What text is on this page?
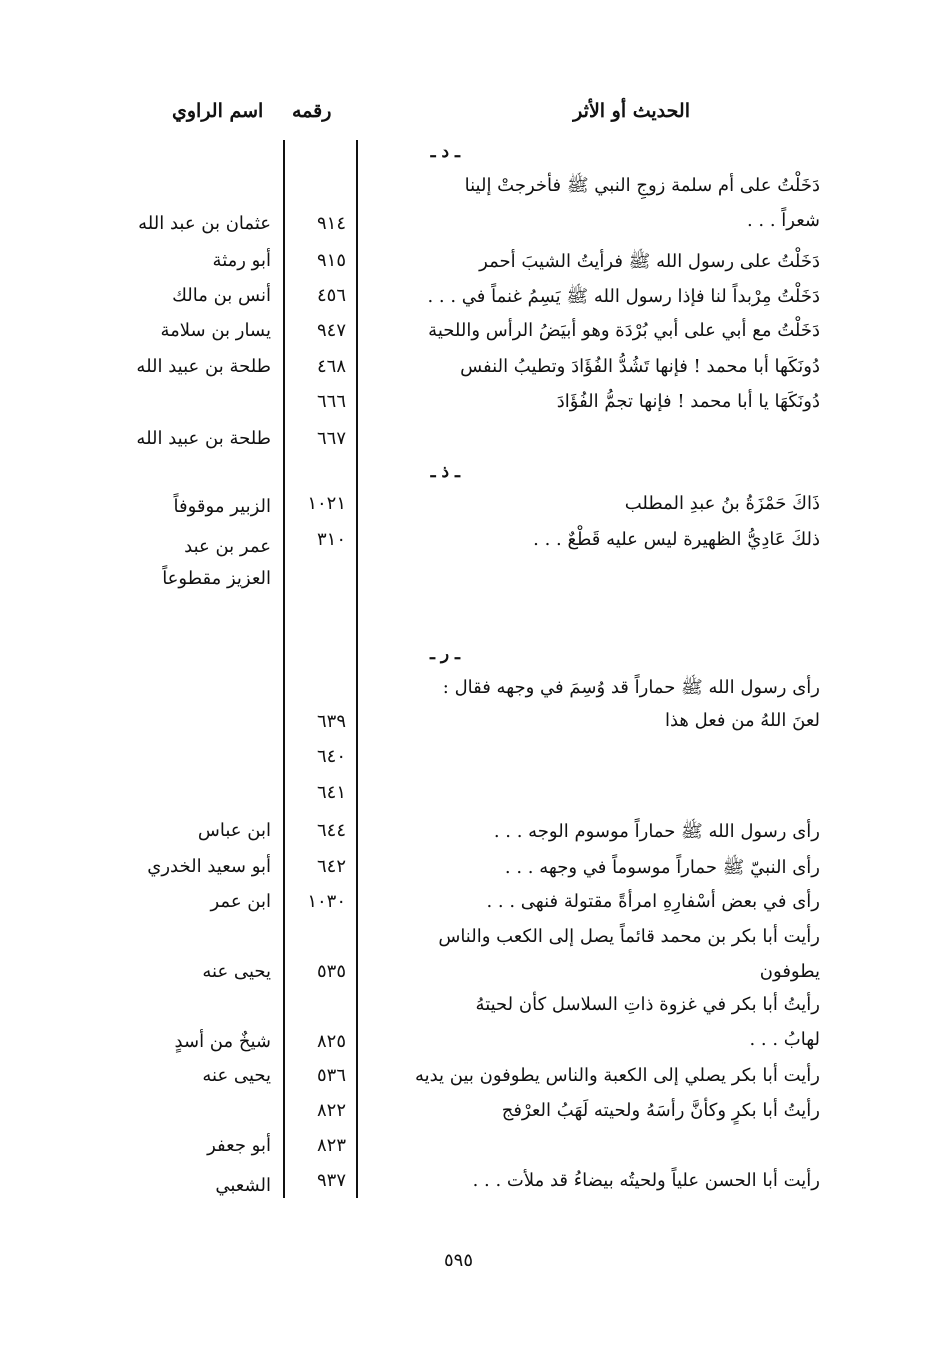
الحديث أو الأثر
رقمه
اسم الراوي
ـ د ـ
ـ ذ ـ
ـ ر ـ
دَخَلْتُ على أم سلمة زوجِ النبي ﷺ فأخرجتْ إلينا
شعراً . . .
دَخَلْتُ على رسول الله ﷺ فرأيتُ الشيبَ أحمر
دَخَلْتُ مِرْبداً لنا فإذا رسول الله ﷺ يَسِمُ غنماً في . . .
دَخَلْتُ مع أبي على أبي بُرْدَة وهو أبيَضُ الرأس واللحية
دُونَكَها أبا محمد ! فإنها تَشُدُّ الفُؤَادَ وتطيبُ النفس
دُونَكَهَا يا أبا محمد ! فإنها تجمُّ الفُؤَادَ
ذَاكَ حَمْزَةُ بنُ عبدِ المطلب
ذلكَ عَادِيُّ الظهيرة ليس عليه قَطْعٌ . . .
رأى رسول الله ﷺ حماراً قد وُسِمَ في وجهه فقال :
لعنَ اللهُ من فعل هذا
رأى رسول الله ﷺ حماراً موسوم الوجه . . .
رأى النبيّ ﷺ حماراً موسوماً في وجهه . . .
رأى في بعض أسْفارِهِ امرأةً مقتولة فنهى . . .
رأيت أبا بكر بن محمد قائماً يصل إلى الكعب والناس
يطوفون
رأيتُ أبا بكر في غزوة ذاتِ السلاسل كأن لحيتهُ
لهابُ . . .
رأيت أبا بكر يصلي إلى الكعبة والناس يطوفون بين يديه
رأيتُ أبا بكرٍ وكأنَّ رأسَهُ ولحيته لَهَبُ العرْفج
رأيت أبا الحسن علياً ولحيتُه بيضاءُ قد ملأت . . .
٩١٤
٩١٥
٤٥٦
٩٤٧
٤٦٨
٦٦٦
٦٦٧
١٠٢١
٣١٠
٦٣٩
٦٤٠
٦٤١
٦٤٤
٦٤٢
١٠٣٠
٥٣٥
٨٢٥
٥٣٦
٨٢٢
٨٢٣
٩٣٧
عثمان بن عبد الله
أبو رمثة
أنس بن مالك
يسار بن سلامة
طلحة بن عبيد الله
طلحة بن عبيد الله
الزبير موقوفاً
عمر بن عبد
العزيز مقطوعاً
ابن عباس
أبو سعيد الخدري
ابن عمر
يحيى عنه
شيخٌ من أسدٍ
يحيى عنه
أبو جعفر
الشعبي
٥٩٥
